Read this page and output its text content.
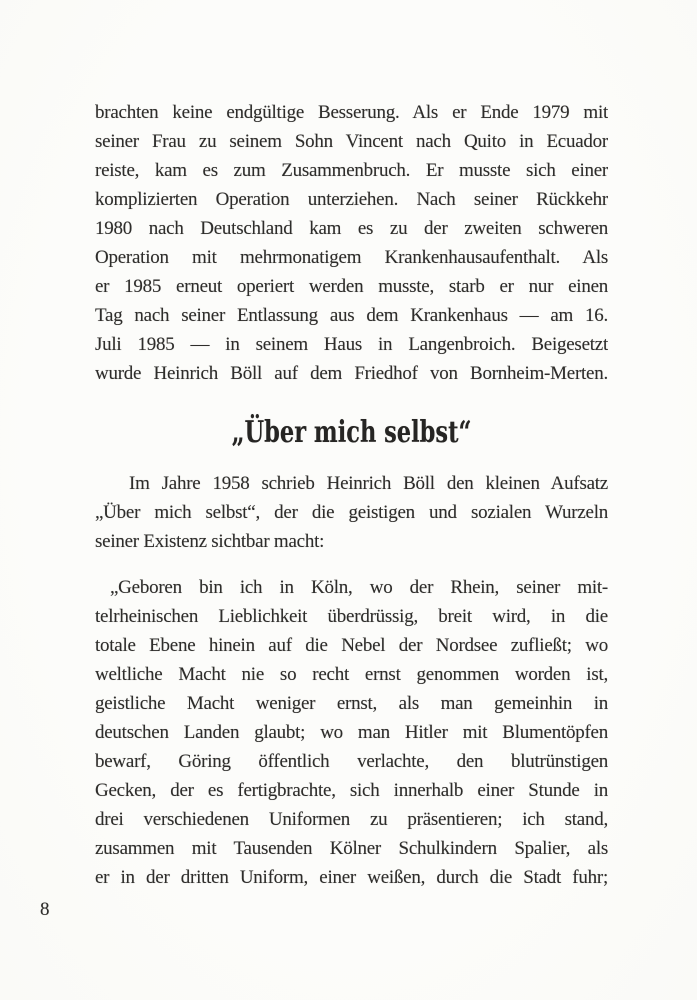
brachten keine endgültige Besserung. Als er Ende 1979 mit
seiner Frau zu seinem Sohn Vincent nach Quito in Ecuador
reiste, kam es zum Zusammenbruch. Er musste sich einer
komplizierten Operation unterziehen. Nach seiner Rückkehr
1980 nach Deutschland kam es zu der zweiten schweren
Operation mit mehrmonatigem Krankenhausaufenthalt. Als
er 1985 erneut operiert werden musste, starb er nur einen
Tag nach seiner Entlassung aus dem Krankenhaus — am 16.
Juli 1985 — in seinem Haus in Langenbroich. Beigesetzt
wurde Heinrich Böll auf dem Friedhof von Bornheim-Merten.
„Über mich selbst“
Im Jahre 1958 schrieb Heinrich Böll den kleinen Aufsatz
„Über mich selbst“, der die geistigen und sozialen Wurzeln
seiner Existenz sichtbar macht:
„Geboren bin ich in Köln, wo der Rhein, seiner mit-
telrheinischen Lieblichkeit überdrüssig, breit wird, in die
totale Ebene hinein auf die Nebel der Nordsee zufließt; wo
weltliche Macht nie so recht ernst genommen worden ist,
geistliche Macht weniger ernst, als man gemeinhin in
deutschen Landen glaubt; wo man Hitler mit Blumentöpfen
bewarf, Göring öffentlich verlachte, den blutrünstigen
Gecken, der es fertigbrachte, sich innerhalb einer Stunde in
drei verschiedenen Uniformen zu präsentieren; ich stand,
zusammen mit Tausenden Kölner Schulkindern Spalier, als
er in der dritten Uniform, einer weißen, durch die Stadt fuhr;
8
